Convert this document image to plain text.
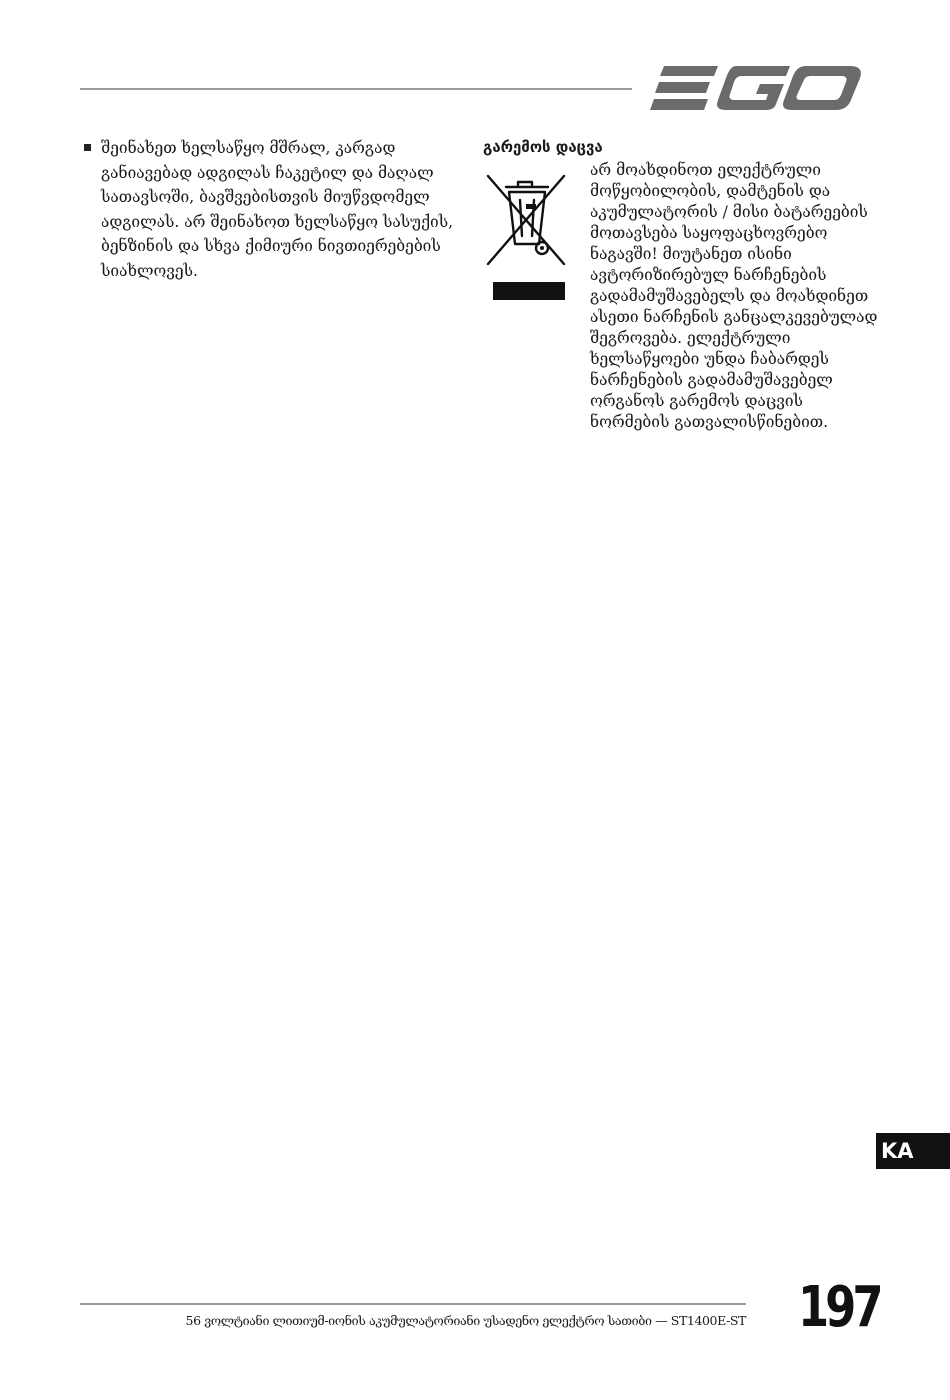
შეინახეთ ხელსაწყო მშრალ, კარგად განიავებად ადგილას ჩაკეტილ და მაღალ სათავსოში, ბავშვებისთვის მიუწვდომელ ადგილას. არ შეინახოთ ხელსაწყო სასუქის, ბენზინის და სხვა ქიმიური ნივთიერებების სიახლოვეს.

გარემოს დაცვა

არ მოახდინოთ ელექტრული მოწყობილობის, დამტენის და აკუმულატორის / მისი ბატარეების მოთავსება საყოფაცხოვრებო ნაგავში! მიუტანეთ ისინი ავტორიზირებულ ნარჩენების გადამამუშავებელს და მოახდინეთ ასეთი ნარჩენის განცალკევებულად შეგროვება. ელექტრული ხელსაწყოები უნდა ჩაბარდეს ნარჩენების გადამამუშავებელ ორგანოს გარემოს დაცვის ნორმების გათვალისწინებით.

KA

56 ვოლტიანი ლითიუმ-იონის აკუმულატორიანი უსადენო ელექტრო სათიბი — ST1400E-ST 197
